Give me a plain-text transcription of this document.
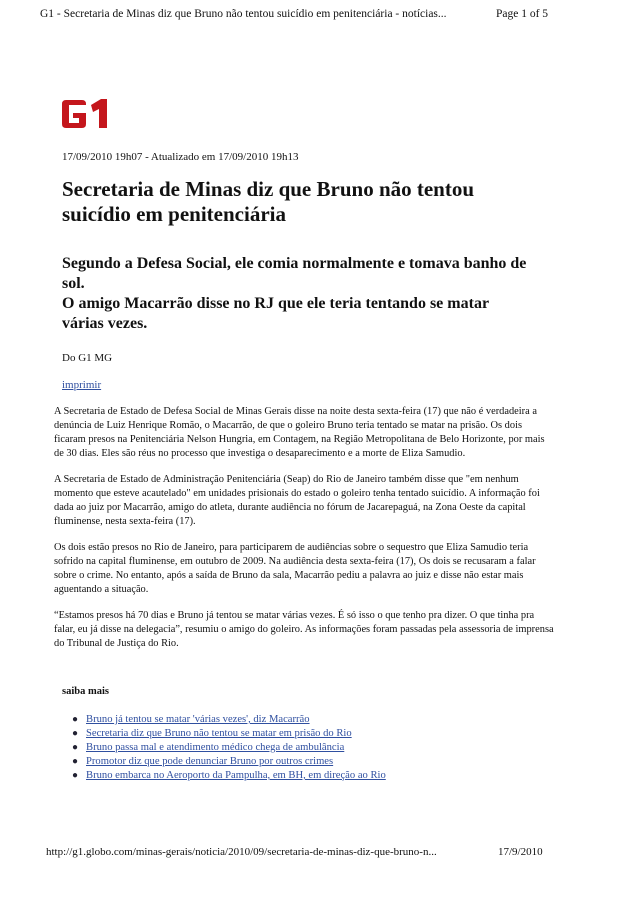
G1 - Secretaria de Minas diz que Bruno não tentou suicídio em penitenciária - notícias...	Page 1 of 5
17/09/2010 19h07 - Atualizado em 17/09/2010 19h13
Secretaria de Minas diz que Bruno não tentou suicídio em penitenciária

Segundo a Defesa Social, ele comia normalmente e tomava banho de sol.

O amigo Macarrão disse no RJ que ele teria tentando se matar várias vezes.

Do G1 MG
imprimir

A Secretaria de Estado de Defesa Social de Minas Gerais disse na noite desta sexta-feira (17) que não é verdadeira a denúncia de Luiz Henrique Romão, o Macarrão, de que o goleiro Bruno teria tentado se matar na prisão. Os dois ficaram presos na Penitenciária Nelson Hungria, em Contagem, na Região Metropolitana de Belo Horizonte, por mais de 30 dias. Eles são réus no processo que investiga o desaparecimento e a morte de Eliza Samudio.

A Secretaria de Estado de Administração Penitenciária (Seap) do Rio de Janeiro também disse que "em nenhum momento que esteve acautelado" em unidades prisionais do estado o goleiro tenha tentado suicídio. A informação foi dada ao juiz por Macarrão, amigo do atleta, durante audiência no fórum de Jacarepaguá, na Zona Oeste da capital fluminense, nesta sexta-feira (17).

Os dois estão presos no Rio de Janeiro, para participarem de audiências sobre o sequestro que Eliza Samudio teria sofrido na capital fluminense, em outubro de 2009. Na audiência desta sexta-feira (17), Os dois se recusaram a falar sobre o crime. No entanto, após a saída de Bruno da sala, Macarrão pediu a palavra ao juiz e disse não estar mais aguentando a situação.

“Estamos presos há 70 dias e Bruno já tentou se matar várias vezes. É só isso o que tenho pra dizer. O que tinha pra falar, eu já disse na delegacia”, resumiu o amigo do goleiro. As informações foram passadas pela assessoria de imprensa do Tribunal de Justiça do Rio.

saiba mais
● Bruno já tentou se matar 'várias vezes', diz Macarrão
● Secretaria diz que Bruno não tentou se matar em prisão do Rio
● Bruno passa mal e atendimento médico chega de ambulância
● Promotor diz que pode denunciar Bruno por outros crimes
● Bruno embarca no Aeroporto da Pampulha, em BH, em direção ao Rio
http://g1.globo.com/minas-gerais/noticia/2010/09/secretaria-de-minas-diz-que-bruno-n...	17/9/2010
